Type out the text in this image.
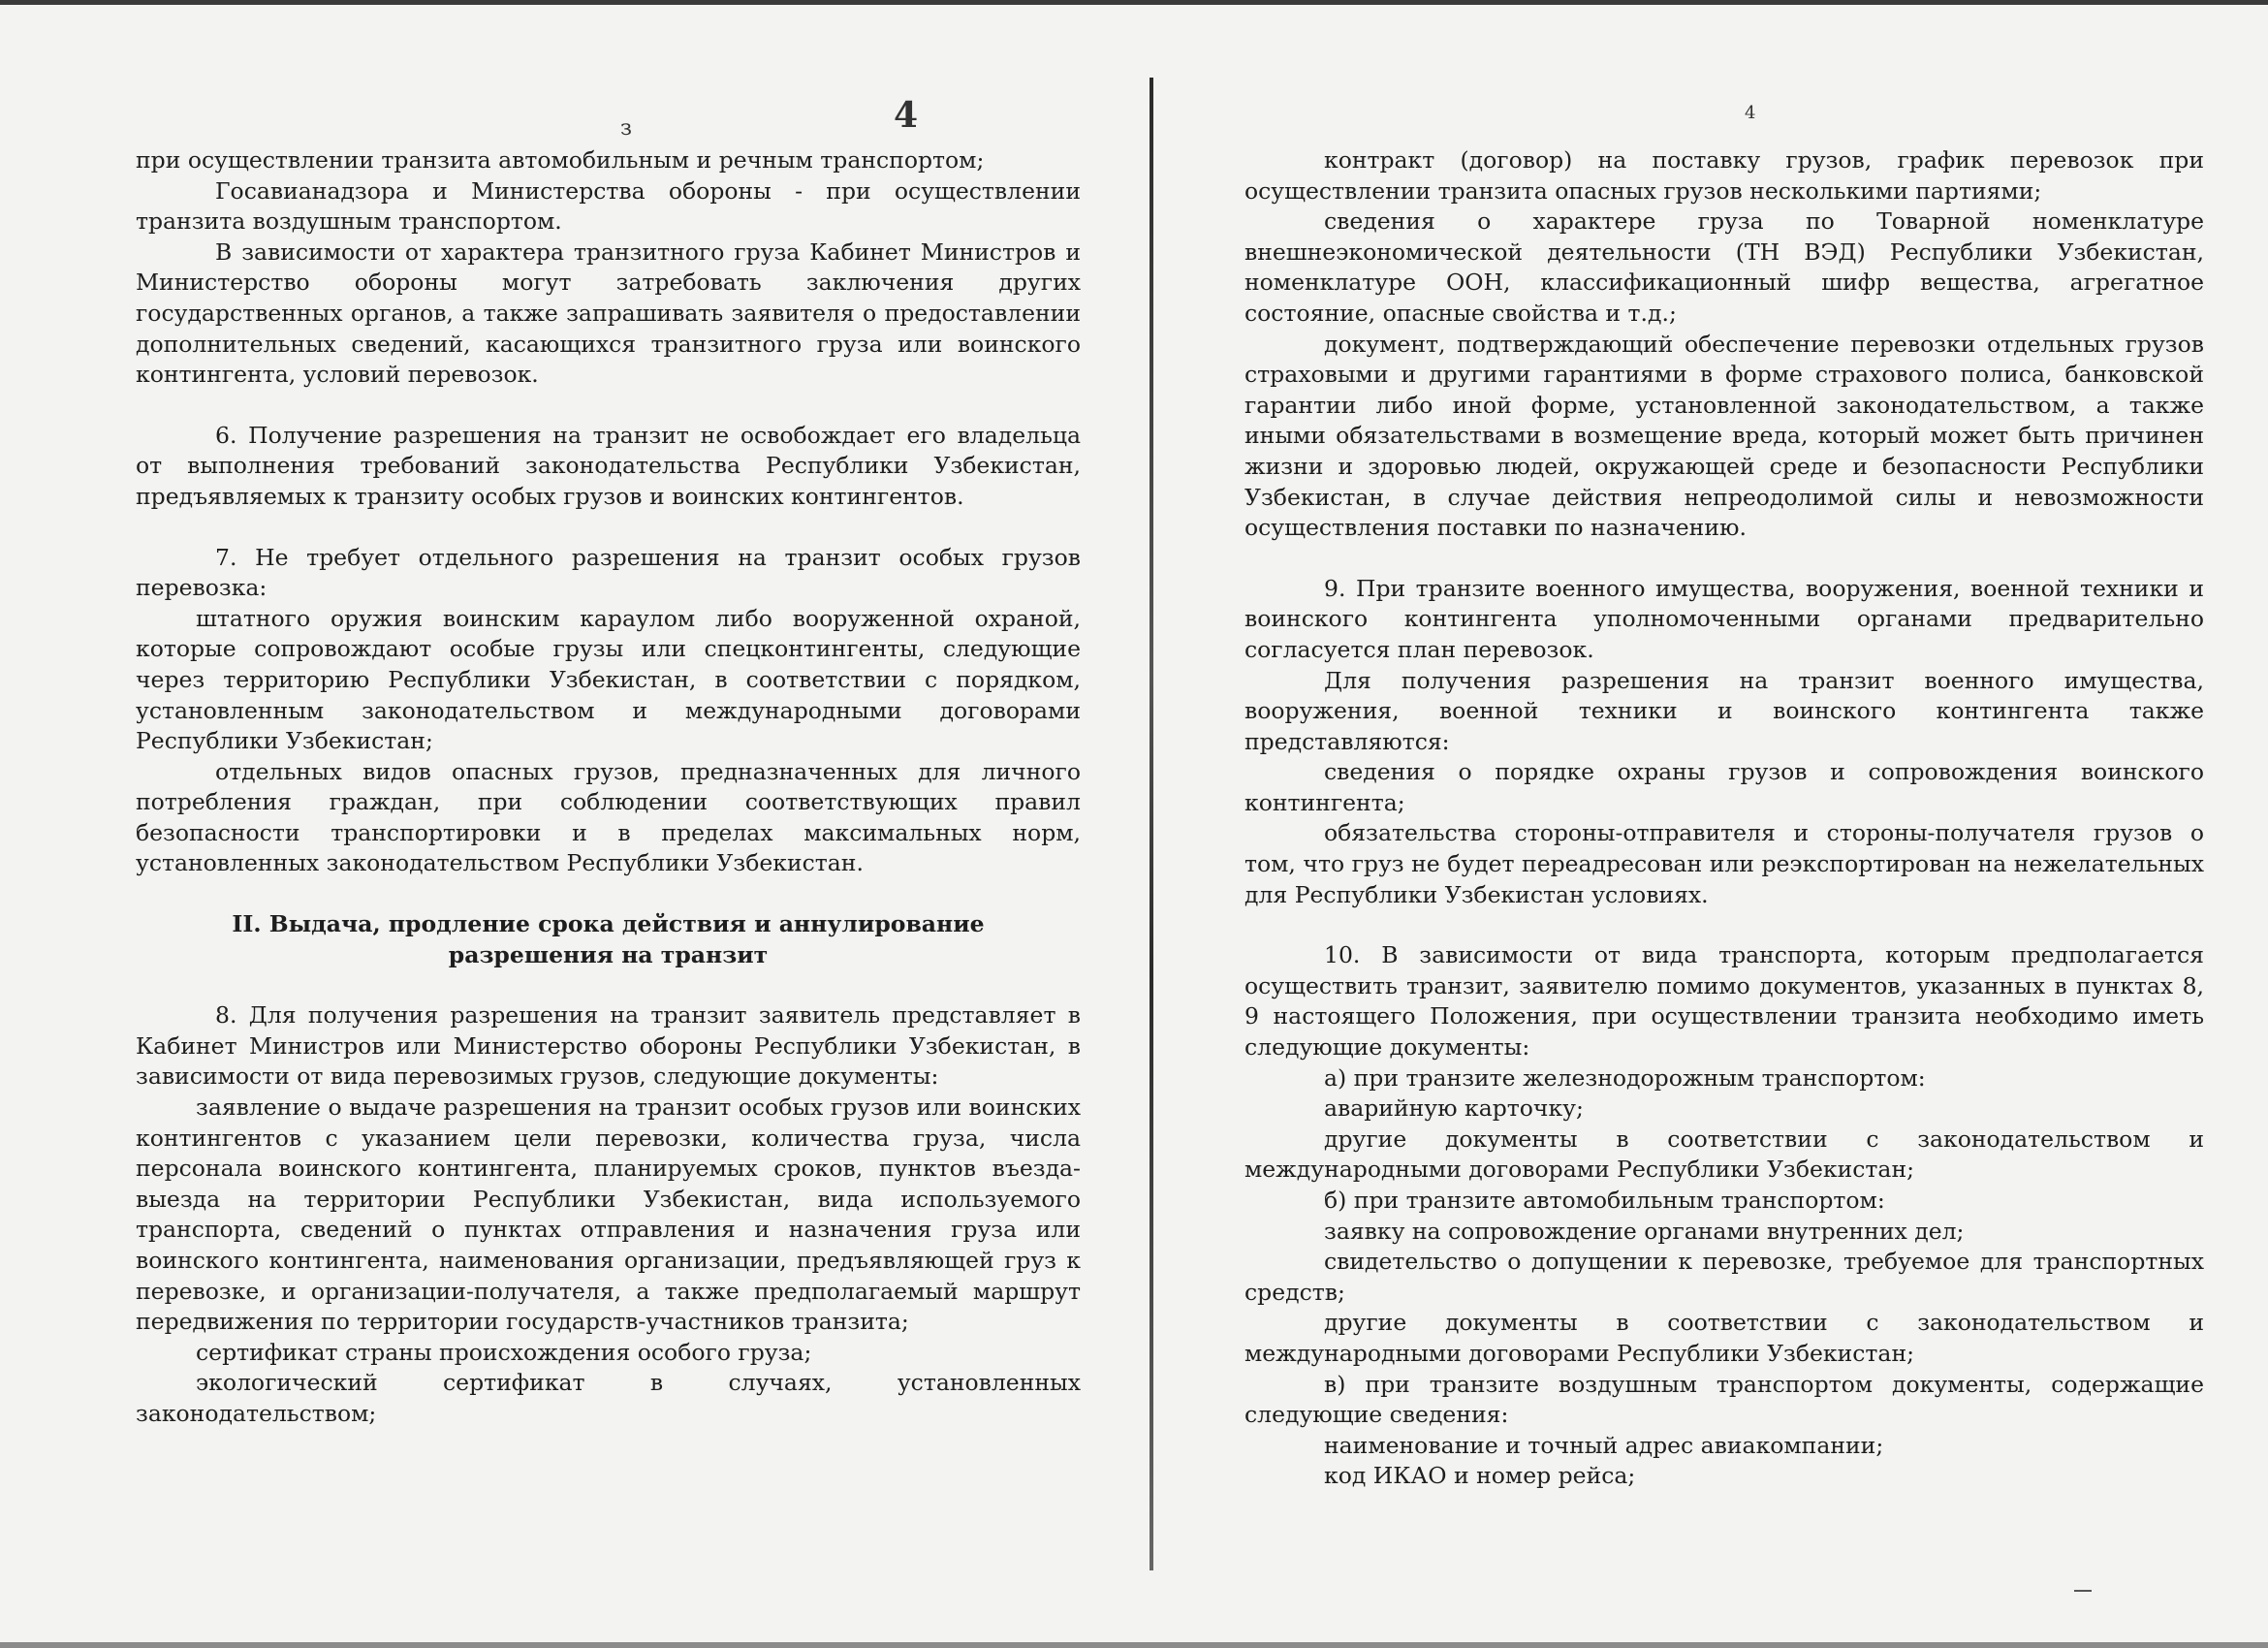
з	4	4

при осуществлении транзита автомобильным и речным транспортом;

Госавианадзора и Министерства обороны - при осуществлении транзита воздушным транспортом.

В зависимости от характера транзитного груза Кабинет Министров и Министерство обороны могут затребовать заключения других государственных органов, а также запрашивать заявителя о предоставлении дополнительных сведений, касающихся транзитного груза или воинского контингента, условий перевозок.

6. Получение разрешения на транзит не освобождает его владельца от выполнения требований законодательства Республики Узбекистан, предъявляемых к транзиту особых грузов и воинских контингентов.

7. Не требует отдельного разрешения на транзит особых грузов перевозка:

штатного оружия воинским караулом либо вооруженной охраной, которые сопровождают особые грузы или спецконтингенты, следующие через территорию Республики Узбекистан, в соответствии с порядком, установленным законодательством и международными договорами Республики Узбекистан;

отдельных видов опасных грузов, предназначенных для личного потребления граждан, при соблюдении соответствующих правил безопасности транспортировки и в пределах максимальных норм, установленных законодательством Республики Узбекистан.

II. Выдача, продление срока действия и аннулирование

разрешения на транзит

8. Для получения разрешения на транзит заявитель представляет в Кабинет Министров или Министерство обороны Республики Узбекистан, в зависимости от вида перевозимых грузов, следующие документы:

заявление о выдаче разрешения на транзит особых грузов или воинских контингентов с указанием цели перевозки, количества груза, числа персонала воинского контингента, планируемых сроков, пунктов въезда-выезда на территории Республики Узбекистан, вида используемого транспорта, сведений о пунктах отправления и назначения груза или воинского контингента, наименования организации, предъявляющей груз к перевозке, и организации-получателя, а также предполагаемый маршрут передвижения по территории государств-участников транзита;

сертификат страны происхождения особого груза;

экологический сертификат в случаях, установленных законодательством;

контракт (договор) на поставку грузов, график перевозок при осуществлении транзита опасных грузов несколькими партиями;

сведения о характере груза по Товарной номенклатуре внешнеэкономической деятельности (ТН ВЭД) Республики Узбекистан, номенклатуре ООН, классификационный шифр вещества, агрегатное состояние, опасные свойства и т.д.;

документ, подтверждающий обеспечение перевозки отдельных грузов страховыми и другими гарантиями в форме страхового полиса, банковской гарантии либо иной форме, установленной законодательством, а также иными обязательствами в возмещение вреда, который может быть причинен жизни и здоровью людей, окружающей среде и безопасности Республики Узбекистан, в случае действия непреодолимой силы и невозможности осуществления поставки по назначению.

9. При транзите военного имущества, вооружения, военной техники и воинского контингента уполномоченными органами предварительно согласуется план перевозок.

Для получения разрешения на транзит военного имущества, вооружения, военной техники и воинского контингента также представляются:

сведения о порядке охраны грузов и сопровождения воинского контингента;

обязательства стороны-отправителя и стороны-получателя грузов о том, что груз не будет переадресован или реэкспортирован на нежелательных для Республики Узбекистан условиях.

10. В зависимости от вида транспорта, которым предполагается осуществить транзит, заявителю помимо документов, указанных в пунктах 8, 9 настоящего Положения, при осуществлении транзита необходимо иметь следующие документы:

а) при транзите железнодорожным транспортом:

аварийную карточку;

другие документы в соответствии с законодательством и международными договорами Республики Узбекистан;

б) при транзите автомобильным транспортом:

заявку на сопровождение органами внутренних дел;

свидетельство о допущении к перевозке, требуемое для транспортных средств;

другие документы в соответствии с законодательством и международными договорами Республики Узбекистан;

в) при транзите воздушным транспортом документы, содержащие следующие сведения:

наименование и точный адрес авиакомпании;

код ИКАО и номер рейса;
